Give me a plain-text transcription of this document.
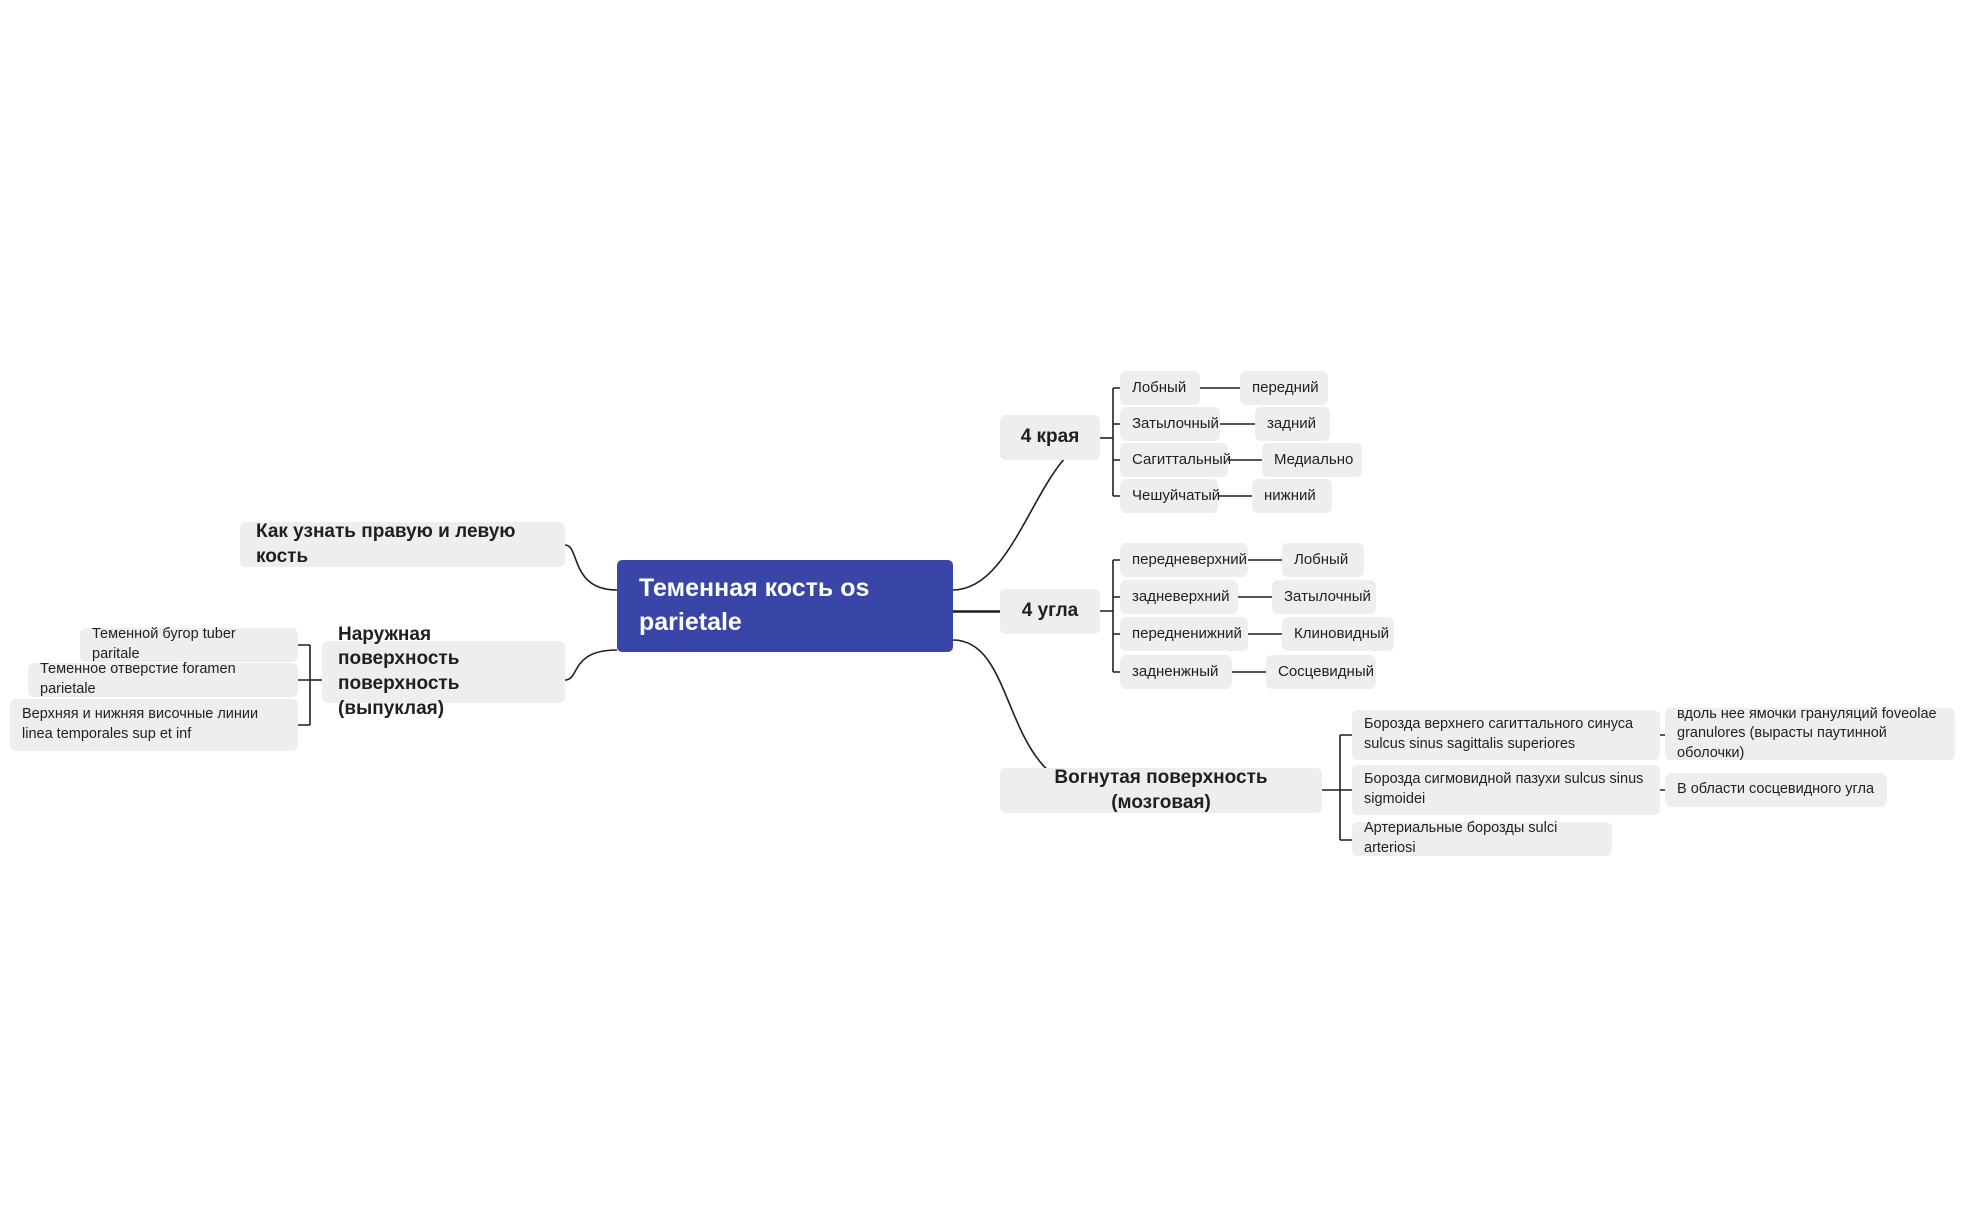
Теменная кость os parietale
4 края
4 угла
Вогнутая поверхность (мозговая)
Как узнать правую и левую кость
Наружная поверхность поверхность (выпуклая)
Лобный
Затылочный
Сагиттальный
Чешуйчатый
передний
задний
Медиально
нижний
передневерхний
задневерхний
передненижний
задненжный
Лобный
Затылочный
Клиновидный
Сосцевидный
Борозда верхнего сагиттального синуса sulcus sinus sagittalis superiores
Борозда сигмовидной пазухи sulcus sinus sigmoidei
Артериальные борозды sulci arteriosi
вдоль нее ямочки грануляций foveolae granulores (вырасты паутинной оболочки)
В области сосцевидного угла
Теменной бугор tuber paritale
Теменное отверстие foramen parietale
Верхняя и нижняя височные линии linea temporales sup et inf
